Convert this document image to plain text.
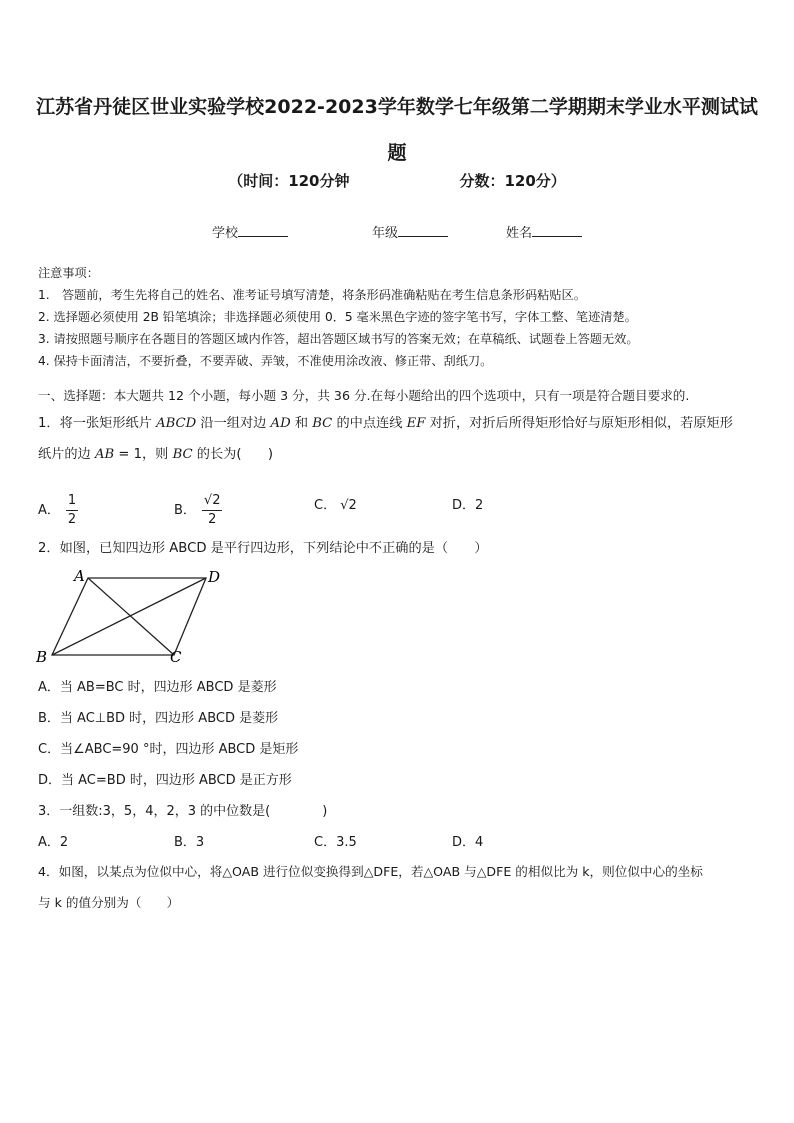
江苏省丹徒区世业实验学校2022-2023学年数学七年级第二学期期末学业水平测试试题
（时间：120分钟	分数：120分）
学校	年级	姓名
注意事项：
1.　答题前，考生先将自己的姓名、准考证号填写清楚，将条形码准确粘贴在考生信息条形码粘贴区。
2. 选择题必须使用 2B 铅笔填涂；非选择题必须使用 0．5 毫米黑色字迹的签字笔书写，字体工整、笔迹清楚。
3. 请按照题号顺序在各题目的答题区域内作答，超出答题区域书写的答案无效；在草稿纸、试题卷上答题无效。
4. 保持卡面清洁，不要折叠，不要弄破、弄皱，不准使用涂改液、修正带、刮纸刀。
一、选择题：本大题共 12 个小题，每小题 3 分，共 36 分.在每小题给出的四个选项中，只有一项是符合题目要求的.
1．将一张矩形纸片 ABCD 沿一组对边 AD 和 BC 的中点连线 EF 对折，对折后所得矩形恰好与原矩形相似，若原矩形
纸片的边 AB = 1，则 BC 的长为(　　)
A． $\frac{1}{2}$	B． $\frac{√2}{2}$	C． √2	D．2
2．如图，已知四边形 ABCD 是平行四边形，下列结论中不正确的是（　　）
A	D
B	C
A．当 AB=BC 时，四边形 ABCD 是菱形
B．当 AC⊥BD 时，四边形 ABCD 是菱形
C．当∠ABC=90 °时，四边形 ABCD 是矩形
D．当 AC=BD 时，四边形 ABCD 是正方形
3．一组数:3，5，4，2，3 的中位数是(　　　　)
A．2	B．3	C．3.5	D．4
4．如图，以某点为位似中心，将△OAB 进行位似变换得到△DFE，若△OAB 与△DFE 的相似比为 k，则位似中心的坐标
与 k 的值分别为（　　）
